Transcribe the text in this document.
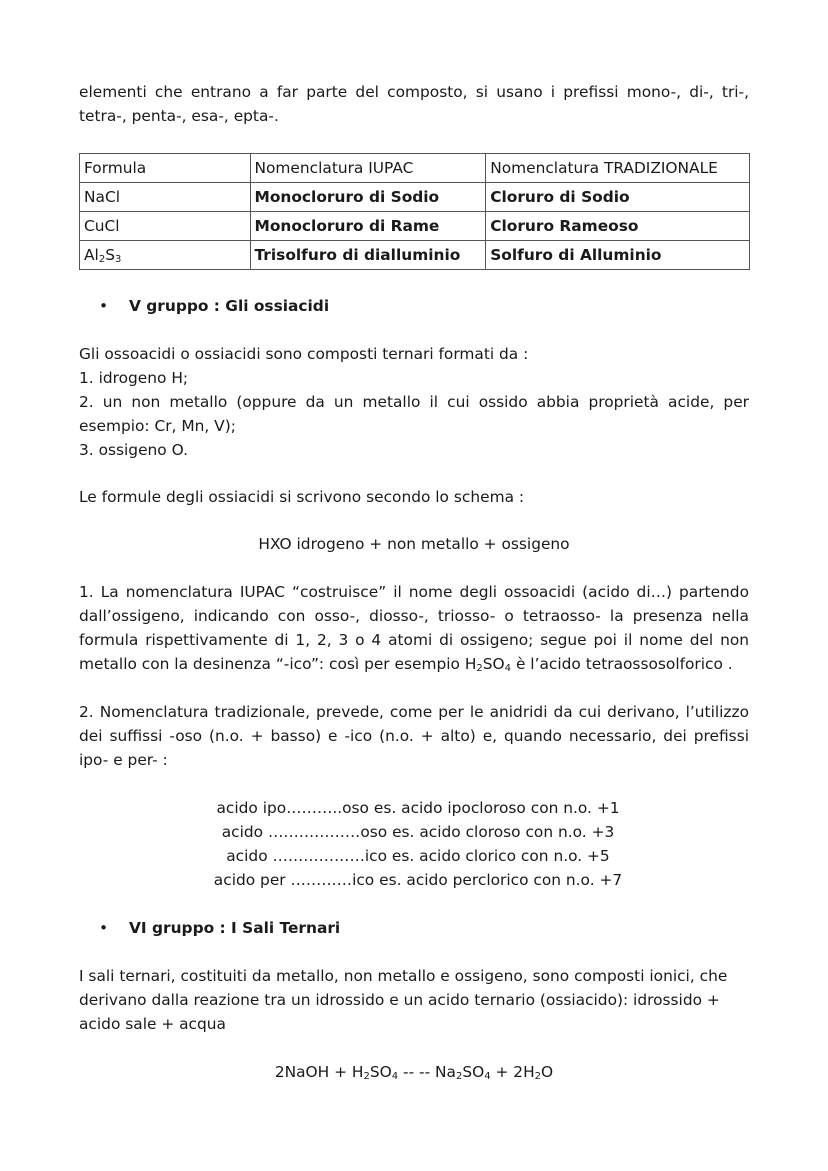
elementi che entrano a far parte del composto, si usano i prefissi mono-, di-, tri-,

tetra-, penta-, esa-, epta-.

Formula	Nomenclatura IUPAC	Nomenclatura TRADIZIONALE
NaCl	Monocloruro di Sodio	Cloruro di Sodio
CuCl	Monocloruro di Rame	Cloruro Rameoso
$Al_2S_3$	Trisolfuro di dialluminio	Solfuro di Alluminio

• V gruppo : Gli ossiacidi

Gli ossoacidi o ossiacidi sono composti ternari formati da :

1. idrogeno H;

2. un non metallo (oppure da un metallo il cui ossido abbia proprietà acide, per

esempio: Cr, Mn, V);

3. ossigeno O.

Le formule degli ossiacidi si scrivono secondo lo schema :

HXO idrogeno + non metallo + ossigeno

1. La nomenclatura IUPAC “costruisce” il nome degli ossoacidi (acido di…) partendo

dall’ossigeno, indicando con osso-, diosso-, triosso- o tetraosso- la presenza nella

formula rispettivamente di 1, 2, 3 o 4 atomi di ossigeno; segue poi il nome del non

metallo con la desinenza “-ico”: così per esempio $H_2SO_4$ è l’acido tetraossosolforico .

2. Nomenclatura tradizionale, prevede, come per le anidridi da cui derivano, l’utilizzo

dei suffissi -oso (n.o. + basso) e -ico (n.o. + alto) e, quando necessario, dei prefissi

ipo- e per- :

acido ipo………..oso es. acido ipocloroso con n.o. +1
acido ………………oso es. acido cloroso con n.o. +3
acido ………………ico es. acido clorico con n.o. +5
acido per …………ico es. acido perclorico con n.o. +7

• VI gruppo : I Sali Ternari

I sali ternari, costituiti da metallo, non metallo e ossigeno, sono composti ionici, che

derivano dalla reazione tra un idrossido e un acido ternario (ossiacido): idrossido +

acido sale + acqua

2NaOH + $H_2SO_4$ -- -- $Na_2SO_4 + 2H_2O$
